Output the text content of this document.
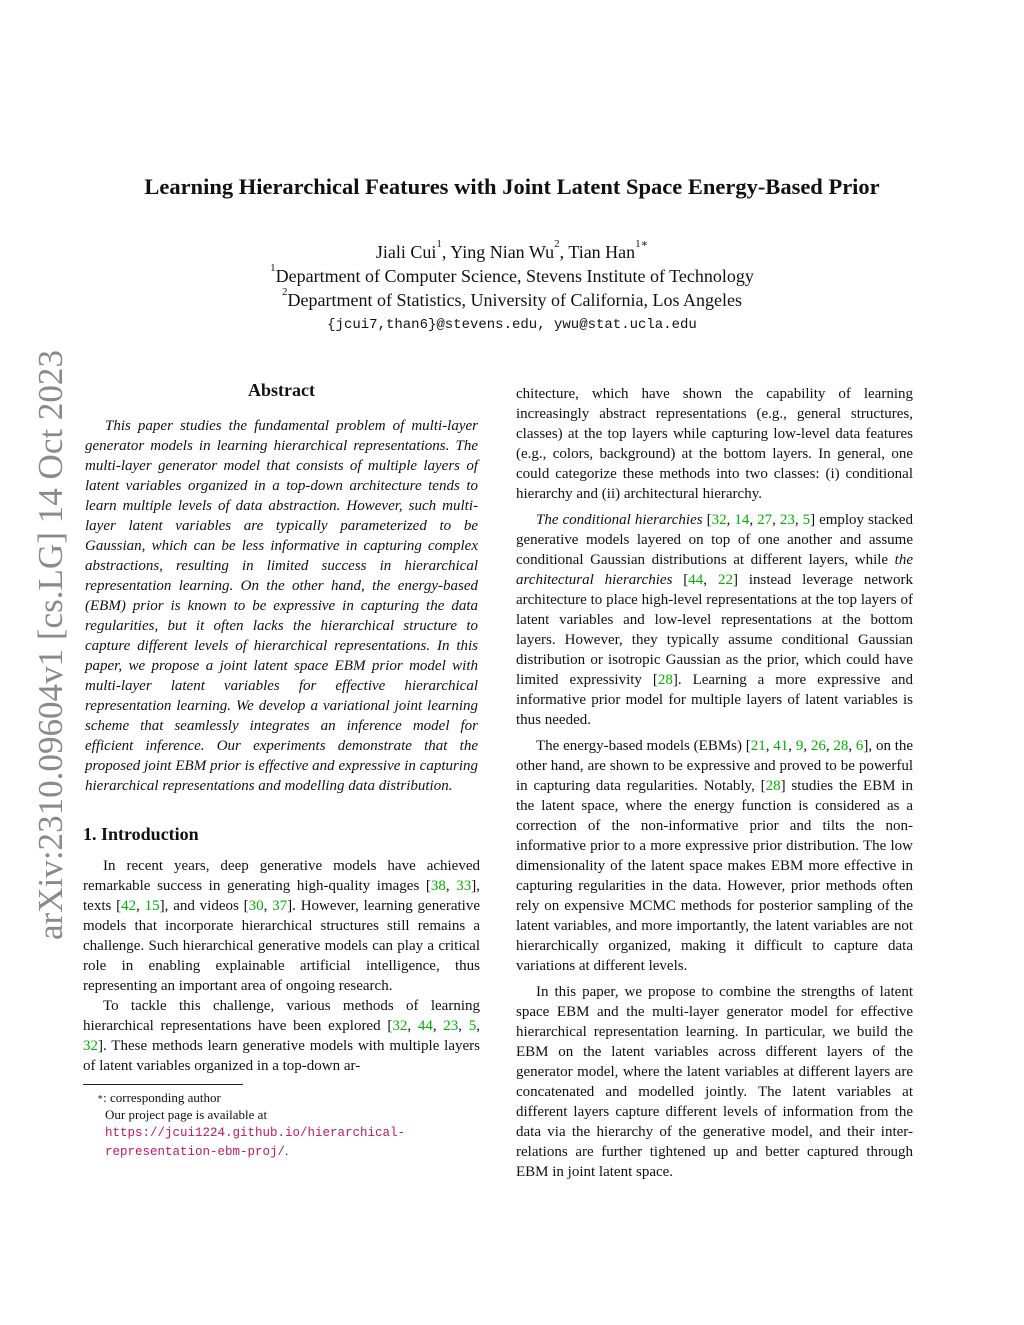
arXiv:2310.09604v1 [cs.LG] 14 Oct 2023
Learning Hierarchical Features with Joint Latent Space Energy-Based Prior
Jiali Cui$^1$, Ying Nian Wu$^2$, Tian Han$^{1∗}$
$^1$Department of Computer Science, Stevens Institute of Technology
$^2$Department of Statistics, University of California, Los Angeles
{jcui7,than6}@stevens.edu, ywu@stat.ucla.edu
Abstract

This paper studies the fundamental problem of multi-layer generator models in learning hierarchical representations. The multi-layer generator model that consists of multiple layers of latent variables organized in a top-down architecture tends to learn multiple levels of data abstraction. However, such multi-layer latent variables are typically parameterized to be Gaussian, which can be less informative in capturing complex abstractions, resulting in limited success in hierarchical representation learning. On the other hand, the energy-based (EBM) prior is known to be expressive in capturing the data regularities, but it often lacks the hierarchical structure to capture different levels of hierarchical representations. In this paper, we propose a joint latent space EBM prior model with multi-layer latent variables for effective hierarchical representation learning. We develop a variational joint learning scheme that seamlessly integrates an inference model for efficient inference. Our experiments demonstrate that the proposed joint EBM prior is effective and expressive in capturing hierarchical representations and modelling data distribution.

1. Introduction

In recent years, deep generative models have achieved remarkable success in generating high-quality images [38, 33], texts [42, 15], and videos [30, 37]. However, learning generative models that incorporate hierarchical structures still remains a challenge. Such hierarchical generative models can play a critical role in enabling explainable artificial intelligence, thus representing an important area of ongoing research.

To tackle this challenge, various methods of learning hierarchical representations have been explored [32, 44, 23, 5, 32]. These methods learn generative models with multiple layers of latent variables organized in a top-down ar-

∗: corresponding author
Our project page is available at https://jcui1224.github.io/hierarchical-representation-ebm-proj/.

chitecture, which have shown the capability of learning increasingly abstract representations (e.g., general structures, classes) at the top layers while capturing low-level data features (e.g., colors, background) at the bottom layers. In general, one could categorize these methods into two classes: (i) conditional hierarchy and (ii) architectural hierarchy.

The conditional hierarchies [32, 14, 27, 23, 5] employ stacked generative models layered on top of one another and assume conditional Gaussian distributions at different layers, while the architectural hierarchies [44, 22] instead leverage network architecture to place high-level representations at the top layers of latent variables and low-level representations at the bottom layers. However, they typically assume conditional Gaussian distribution or isotropic Gaussian as the prior, which could have limited expressivity [28]. Learning a more expressive and informative prior model for multiple layers of latent variables is thus needed.

The energy-based models (EBMs) [21, 41, 9, 26, 28, 6], on the other hand, are shown to be expressive and proved to be powerful in capturing data regularities. Notably, [28] studies the EBM in the latent space, where the energy function is considered as a correction of the non-informative prior and tilts the non-informative prior to a more expressive prior distribution. The low dimensionality of the latent space makes EBM more effective in capturing regularities in the data. However, prior methods often rely on expensive MCMC methods for posterior sampling of the latent variables, and more importantly, the latent variables are not hierarchically organized, making it difficult to capture data variations at different levels.

In this paper, we propose to combine the strengths of latent space EBM and the multi-layer generator model for effective hierarchical representation learning. In particular, we build the EBM on the latent variables across different layers of the generator model, where the latent variables at different layers are concatenated and modelled jointly. The latent variables at different layers capture different levels of information from the data via the hierarchy of the generative model, and their inter-relations are further tightened up and better captured through EBM in joint latent space.
